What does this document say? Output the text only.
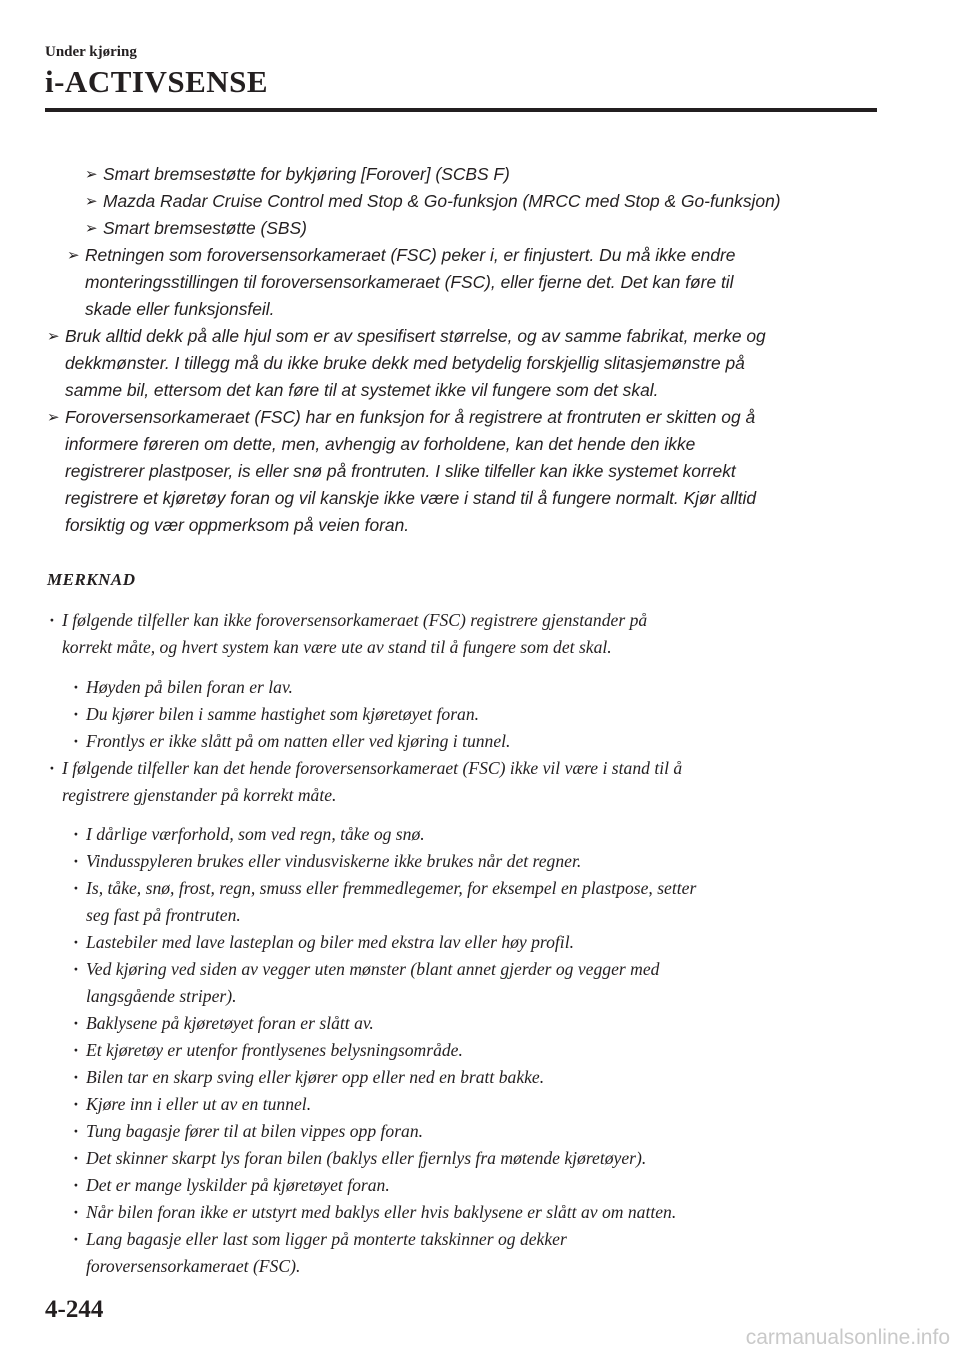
Under kjøring
i-ACTIVSENSE
➢ Smart bremsestøtte for bykjøring [Forover] (SCBS F)
➢ Mazda Radar Cruise Control med Stop & Go-funksjon (MRCC med Stop & Go-funksjon)
➢ Smart bremsestøtte (SBS)
➢ Retningen som foroversensorkameraet (FSC) peker i, er finjustert. Du må ikke endre
monteringsstillingen til foroversensorkameraet (FSC), eller fjerne det. Det kan føre til
skade eller funksjonsfeil.
➢ Bruk alltid dekk på alle hjul som er av spesifisert størrelse, og av samme fabrikat, merke og
dekkmønster. I tillegg må du ikke bruke dekk med betydelig forskjellig slitasjemønstre på
samme bil, ettersom det kan føre til at systemet ikke vil fungere som det skal.
➢ Foroversensorkameraet (FSC) har en funksjon for å registrere at frontruten er skitten og å
informere føreren om dette, men, avhengig av forholdene, kan det hende den ikke
registrerer plastposer, is eller snø på frontruten. I slike tilfeller kan ikke systemet korrekt
registrere et kjøretøy foran og vil kanskje ikke være i stand til å fungere normalt. Kjør alltid
forsiktig og vær oppmerksom på veien foran.
MERKNAD
· I følgende tilfeller kan ikke foroversensorkameraet (FSC) registrere gjenstander på
korrekt måte, og hvert system kan være ute av stand til å fungere som det skal.
· Høyden på bilen foran er lav.
· Du kjører bilen i samme hastighet som kjøretøyet foran.
· Frontlys er ikke slått på om natten eller ved kjøring i tunnel.
· I følgende tilfeller kan det hende foroversensorkameraet (FSC) ikke vil være i stand til å
registrere gjenstander på korrekt måte.
· I dårlige værforhold, som ved regn, tåke og snø.
· Vindusspyleren brukes eller vindusviskerne ikke brukes når det regner.
· Is, tåke, snø, frost, regn, smuss eller fremmedlegemer, for eksempel en plastpose, setter
seg fast på frontruten.
· Lastebiler med lave lasteplan og biler med ekstra lav eller høy profil.
· Ved kjøring ved siden av vegger uten mønster (blant annet gjerder og vegger med
langsgående striper).
· Baklysene på kjøretøyet foran er slått av.
· Et kjøretøy er utenfor frontlysenes belysningsområde.
· Bilen tar en skarp sving eller kjører opp eller ned en bratt bakke.
· Kjøre inn i eller ut av en tunnel.
· Tung bagasje fører til at bilen vippes opp foran.
· Det skinner skarpt lys foran bilen (baklys eller fjernlys fra møtende kjøretøyer).
· Det er mange lyskilder på kjøretøyet foran.
· Når bilen foran ikke er utstyrt med baklys eller hvis baklysene er slått av om natten.
· Lang bagasje eller last som ligger på monterte takskinner og dekker
foroversensorkameraet (FSC).
4-244
carmanualsonline.info
